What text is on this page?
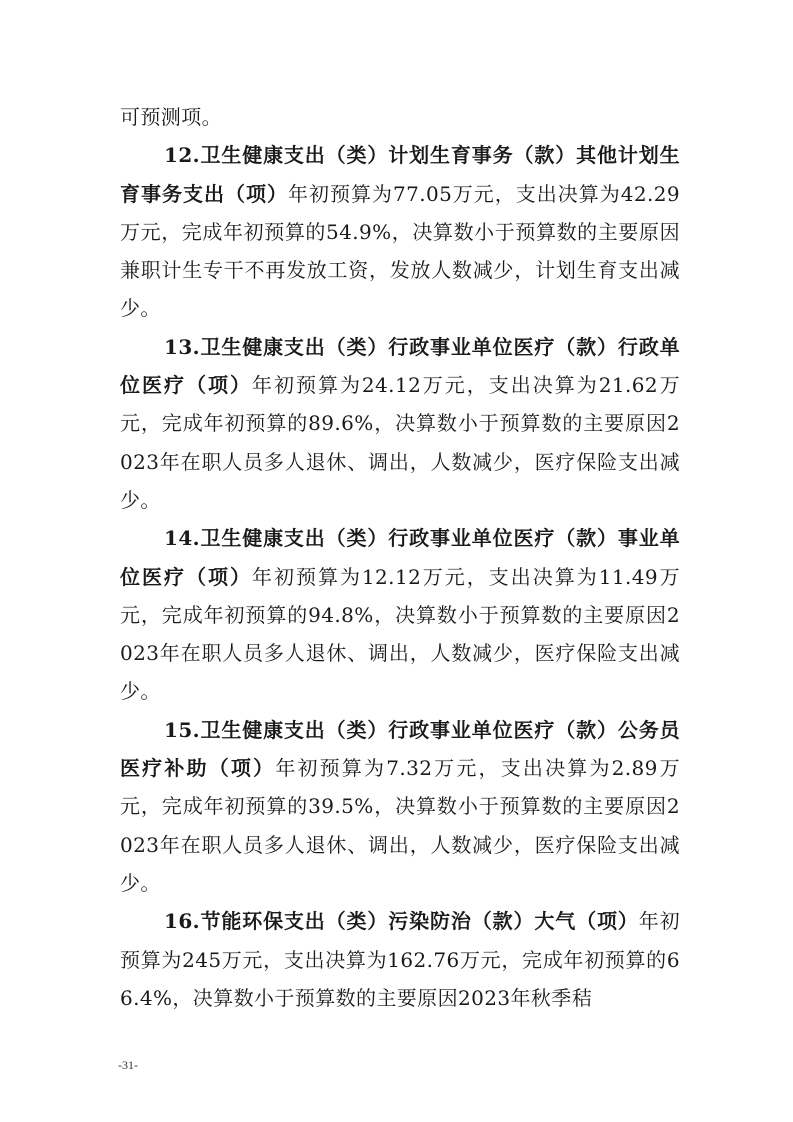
可预测项。

12.卫生健康支出（类）计划生育事务（款）其他计划生育事务支出（项）年初预算为77.05万元，支出决算为42.29万元，完成年初预算的54.9%，决算数小于预算数的主要原因兼职计生专干不再发放工资，发放人数减少，计划生育支出减少。

13.卫生健康支出（类）行政事业单位医疗（款）行政单位医疗（项）年初预算为24.12万元，支出决算为21.62万元，完成年初预算的89.6%，决算数小于预算数的主要原因2023年在职人员多人退休、调出，人数减少，医疗保险支出减少。

14.卫生健康支出（类）行政事业单位医疗（款）事业单位医疗（项）年初预算为12.12万元，支出决算为11.49万元，完成年初预算的94.8%，决算数小于预算数的主要原因2023年在职人员多人退休、调出，人数减少，医疗保险支出减少。

15.卫生健康支出（类）行政事业单位医疗（款）公务员医疗补助（项）年初预算为7.32万元，支出决算为2.89万元，完成年初预算的39.5%，决算数小于预算数的主要原因2023年在职人员多人退休、调出，人数减少，医疗保险支出减少。

16.节能环保支出（类）污染防治（款）大气（项）年初预算为245万元，支出决算为162.76万元，完成年初预算的66.4%，决算数小于预算数的主要原因2023年秋季秸

-31-
